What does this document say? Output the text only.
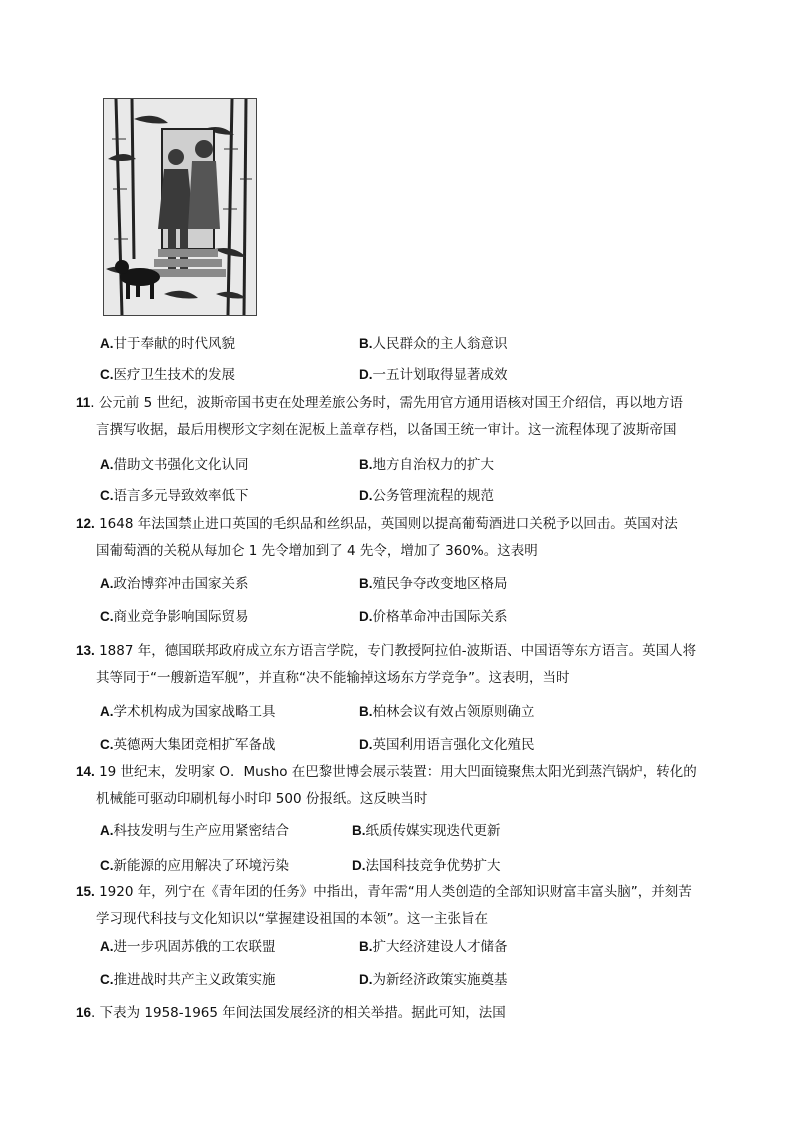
A.甘于奉献的时代风貌	B.人民群众的主人翁意识
C.医疗卫生技术的发展	D.一五计划取得显著成效
11. 公元前 5 世纪，波斯帝国书吏在处理差旅公务时，需先用官方通用语核对国王介绍信，再以地方语
言撰写收据，最后用楔形文字刻在泥板上盖章存档，以备国王统一审计。这一流程体现了波斯帝国
A.借助文书强化文化认同	B.地方自治权力的扩大
C.语言多元导致效率低下	D.公务管理流程的规范
12. 1648 年法国禁止进口英国的毛织品和丝织品，英国则以提高葡萄酒进口关税予以回击。英国对法
国葡萄酒的关税从每加仑 1 先令增加到了 4 先令，增加了 360%。这表明
A.政治博弈冲击国家关系	B.殖民争夺改变地区格局
C.商业竞争影响国际贸易	D.价格革命冲击国际关系
13. 1887 年，德国联邦政府成立东方语言学院，专门教授阿拉伯-波斯语、中国语等东方语言。英国人将
其等同于“一艘新造军舰”，并直称“决不能输掉这场东方学竞争”。这表明，当时
A.学术机构成为国家战略工具	B.柏林会议有效占领原则确立
C.英德两大集团竞相扩军备战	D.英国利用语言强化文化殖民
14. 19 世纪末，发明家 O．Musho 在巴黎世博会展示装置：用大凹面镜聚焦太阳光到蒸汽锅炉，转化的
机械能可驱动印刷机每小时印 500 份报纸。这反映当时
A.科技发明与生产应用紧密结合	B.纸质传媒实现迭代更新
C.新能源的应用解决了环境污染	D.法国科技竞争优势扩大
15. 1920 年，列宁在《青年团的任务》中指出，青年需“用人类创造的全部知识财富丰富头脑”，并刻苦
学习现代科技与文化知识以“掌握建设祖国的本领”。这一主张旨在
A.进一步巩固苏俄的工农联盟	B.扩大经济建设人才储备
C.推进战时共产主义政策实施	D.为新经济政策实施奠基
16. 下表为 1958-1965 年间法国发展经济的相关举措。据此可知，法国
